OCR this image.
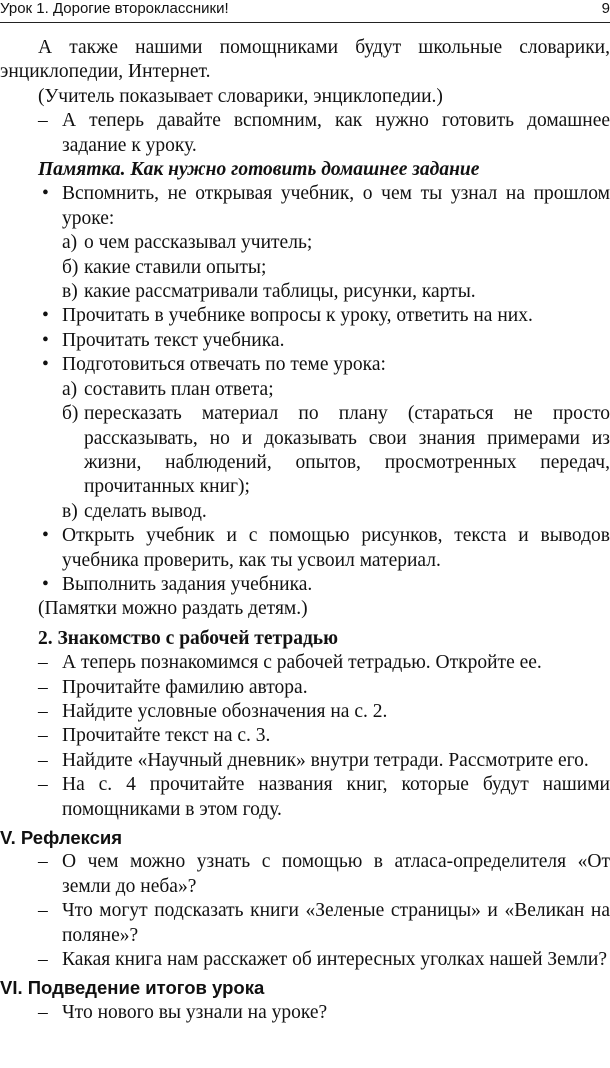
Урок 1. Дорогие второклассники!	9

А также нашими помощниками будут школьные словарики, энциклопедии, Интернет.

(Учитель показывает словарики, энциклопедии.)

– А теперь давайте вспомним, как нужно готовить домашнее задание к уроку.
Памятка. Как нужно готовить домашнее задание
• Вспомнить, не открывая учебник, о чем ты узнал на прошлом уроке:
а) о чем рассказывал учитель;
б) какие ставили опыты;
в) какие рассматривали таблицы, рисунки, карты.
• Прочитать в учебнике вопросы к уроку, ответить на них.
• Прочитать текст учебника.
• Подготовиться отвечать по теме урока:
а) составить план ответа;
б) пересказать материал по плану (стараться не просто рассказывать, но и доказывать свои знания примерами из жизни, наблюдений, опытов, просмотренных передач, прочитанных книг);
в) сделать вывод.
• Открыть учебник и с помощью рисунков, текста и выводов учебника проверить, как ты усвоил материал.
• Выполнить задания учебника.

(Памятки можно раздать детям.)

2. Знакомство с рабочей тетрадью
– А теперь познакомимся с рабочей тетрадью. Откройте ее.
– Прочитайте фамилию автора.
– Найдите условные обозначения на с. 2.
– Прочитайте текст на с. 3.
– Найдите «Научный дневник» внутри тетради. Рассмотрите его.
– На с. 4 прочитайте названия книг, которые будут нашими помощниками в этом году.
V. Рефлексия
– О чем можно узнать с помощью в атласа-определителя «От земли до неба»?
– Что могут подсказать книги «Зеленые страницы» и «Великан на поляне»?
– Какая книга нам расскажет об интересных уголках нашей Земли?
VI. Подведение итогов урока
– Что нового вы узнали на уроке?
